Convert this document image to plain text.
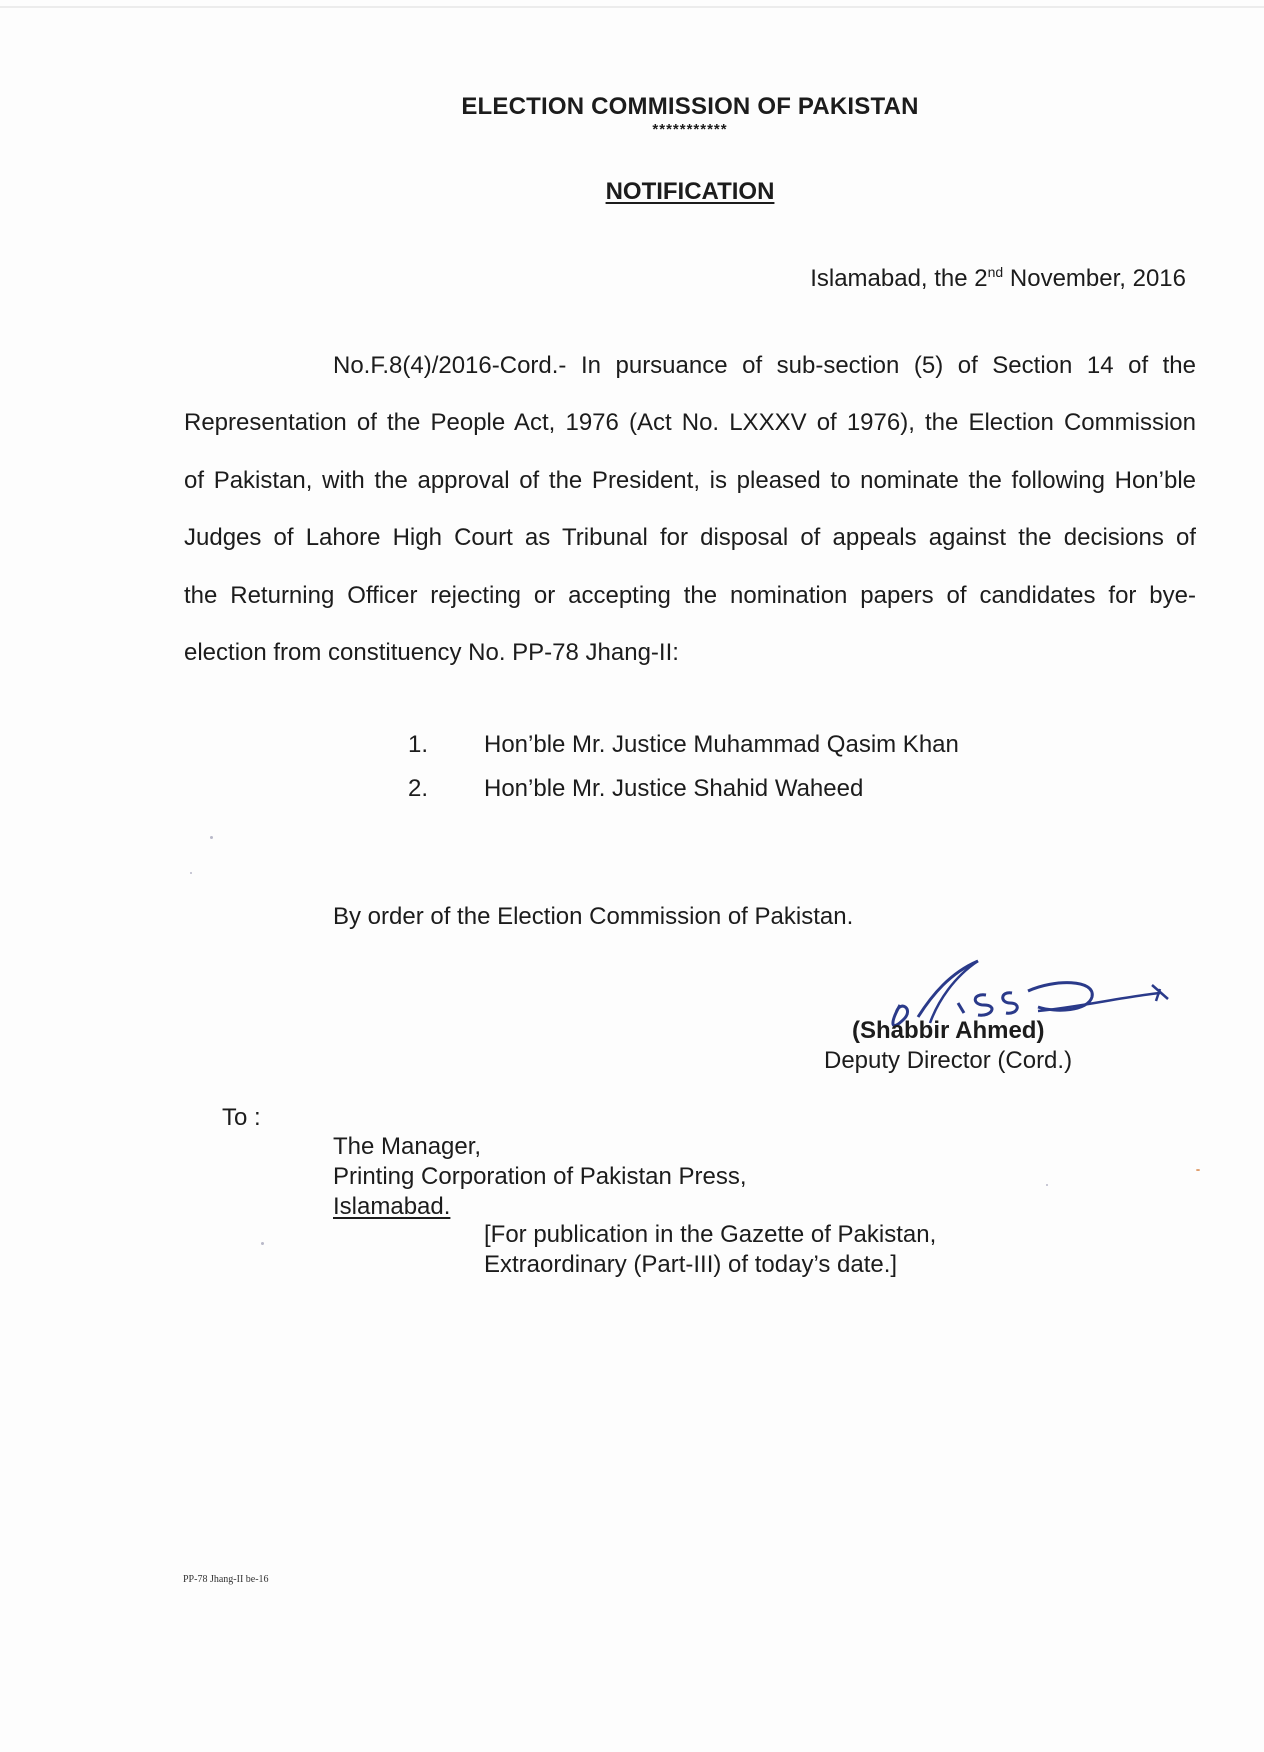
ELECTION COMMISSION OF PAKISTAN
***********
NOTIFICATION
Islamabad, the 2nd November, 2016
No.F.8(4)/2016-Cord.- In pursuance of sub-section (5) of Section 14 of the
Representation of the People Act, 1976 (Act No. LXXXV of 1976), the Election Commission
of Pakistan, with the approval of the President, is pleased to nominate the following Hon’ble
Judges of Lahore High Court as Tribunal for disposal of appeals against the decisions of
the Returning Officer rejecting or accepting the nomination papers of candidates for bye-
election from constituency No. PP-78 Jhang-II:
1. Hon’ble Mr. Justice Muhammad Qasim Khan
2. Hon’ble Mr. Justice Shahid Waheed
By order of the Election Commission of Pakistan.
(Shabbir Ahmed)
Deputy Director (Cord.)
To :
The Manager,
Printing Corporation of Pakistan Press,
Islamabad.
[For publication in the Gazette of Pakistan,
Extraordinary (Part-III) of today’s date.]
PP-78 Jhang-II be-16
